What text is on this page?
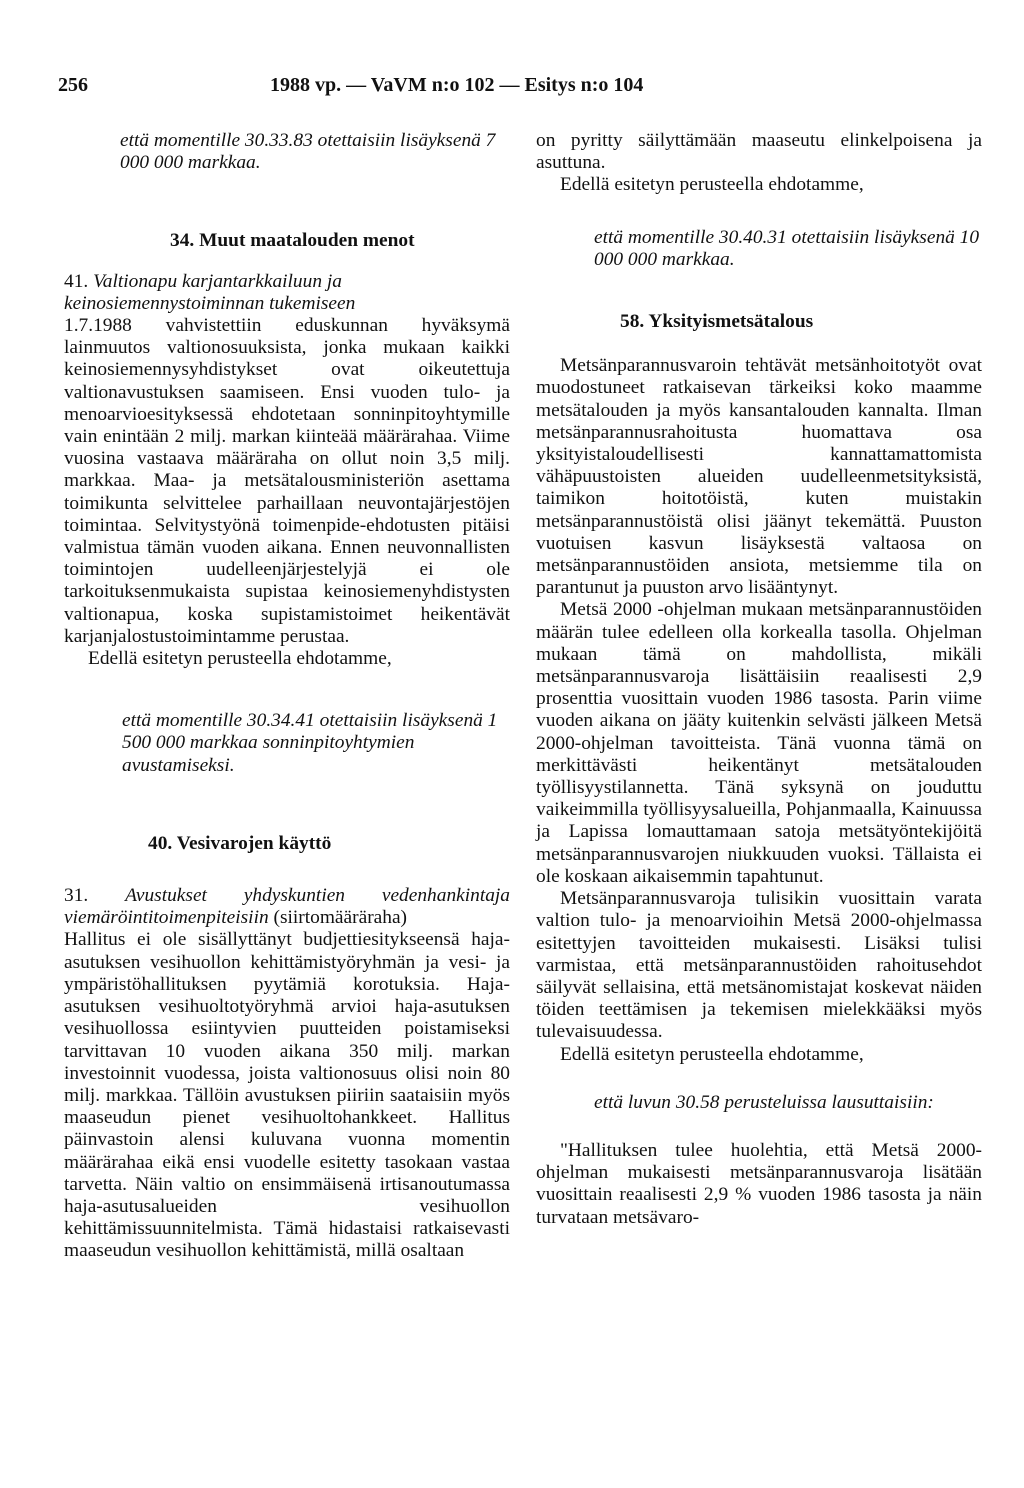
256	1988 vp. — VaVM n:o 102 — Esitys n:o 104

että momentille 30.33.83 otettaisiin lisäyksenä 7 000 000 markkaa.

34. Muut maatalouden menot

41. Valtionapu karjantarkkailuun ja keinosiemennystoiminnan tukemiseen

1.7.1988 vahvistettiin eduskunnan hyväksymä lainmuutos valtionosuuksista, jonka mukaan kaikki keinosiemennysyhdistykset ovat oikeutettuja valtionavustuksen saamiseen. Ensi vuoden tulo- ja menoarvioesityksessä ehdotetaan sonninpitoyhtymille vain enintään 2 milj. markan kiinteää määrärahaa. Viime vuosina vastaava määräraha on ollut noin 3,5 milj. markkaa. Maa- ja metsätalousministeriön asettama toimikunta selvittelee parhaillaan neuvontajärjestöjen toimintaa. Selvitystyönä toimenpide-ehdotusten pitäisi valmistua tämän vuoden aikana. Ennen neuvonnallisten toimintojen uudelleenjärjestelyjä ei ole tarkoituksenmukaista supistaa keinosiemenyhdistysten valtionapua, koska supistamistoimet heikentävät karjanjalostustoimintamme perustaa.

Edellä esitetyn perusteella ehdotamme,

että momentille 30.34.41 otettaisiin lisäyksenä 1 500 000 markkaa sonninpitoyhtymien avustamiseksi.

40. Vesivarojen käyttö

31. Avustukset yhdyskuntien vedenhankintaja viemäröintitoimenpiteisiin (siirtomääräraha)

Hallitus ei ole sisällyttänyt budjettiesitykseensä haja-asutuksen vesihuollon kehittämistyöryhmän ja vesi- ja ympäristöhallituksen pyytämiä korotuksia. Haja-asutuksen vesihuoltotyöryhmä arvioi haja-asutuksen vesihuollossa esiintyvien puutteiden poistamiseksi tarvittavan 10 vuoden aikana 350 milj. markan investoinnit vuodessa, joista valtionosuus olisi noin 80 milj. markkaa. Tällöin avustuksen piiriin saataisiin myös maaseudun pienet vesihuoltohankkeet. Hallitus päinvastoin alensi kuluvana vuonna momentin määrärahaa eikä ensi vuodelle esitetty tasokaan vastaa tarvetta. Näin valtio on ensimmäisenä irtisanoutumassa haja-asutusalueiden vesihuollon kehittämissuunnitelmista. Tämä hidastaisi ratkaisevasti maaseudun vesihuollon kehittämistä, millä osaltaan

on pyritty säilyttämään maaseutu elinkelpoisena ja asuttuna.

Edellä esitetyn perusteella ehdotamme,

että momentille 30.40.31 otettaisiin lisäyksenä 10 000 000 markkaa.

58. Yksityismetsätalous

Metsänparannusvaroin tehtävät metsänhoitotyöt ovat muodostuneet ratkaisevan tärkeiksi koko maamme metsätalouden ja myös kansantalouden kannalta. Ilman metsänparannusrahoitusta huomattava osa yksityistaloudellisesti kannattamattomista vähäpuustoisten alueiden uudelleenmetsityksistä, taimikon hoitotöistä, kuten muistakin metsänparannustöistä olisi jäänyt tekemättä. Puuston vuotuisen kasvun lisäyksestä valtaosa on metsänparannustöiden ansiota, metsiemme tila on parantunut ja puuston arvo lisääntynyt.

Metsä 2000 -ohjelman mukaan metsänparannustöiden määrän tulee edelleen olla korkealla tasolla. Ohjelman mukaan tämä on mahdollista, mikäli metsänparannusvaroja lisättäisiin reaalisesti 2,9 prosenttia vuosittain vuoden 1986 tasosta. Parin viime vuoden aikana on jääty kuitenkin selvästi jälkeen Metsä 2000-ohjelman tavoitteista. Tänä vuonna tämä on merkittävästi heikentänyt metsätalouden työllisyystilannetta. Tänä syksynä on jouduttu vaikeimmilla työllisyysalueilla, Pohjanmaalla, Kainuussa ja Lapissa lomauttamaan satoja metsätyöntekijöitä metsänparannusvarojen niukkuuden vuoksi. Tällaista ei ole koskaan aikaisemmin tapahtunut.

Metsänparannusvaroja tulisikin vuosittain varata valtion tulo- ja menoarvioihin Metsä 2000-ohjelmassa esitettyjen tavoitteiden mukaisesti. Lisäksi tulisi varmistaa, että metsänparannustöiden rahoitusehdot säilyvät sellaisina, että metsänomistajat koskevat näiden töiden teettämisen ja tekemisen mielekkääksi myös tulevaisuudessa.

Edellä esitetyn perusteella ehdotamme,

että luvun 30.58 perusteluissa lausuttaisiin:

"Hallituksen tulee huolehtia, että Metsä 2000-ohjelman mukaisesti metsänparannusvaroja lisätään vuosittain reaalisesti 2,9 % vuoden 1986 tasosta ja näin turvataan metsävaro-
